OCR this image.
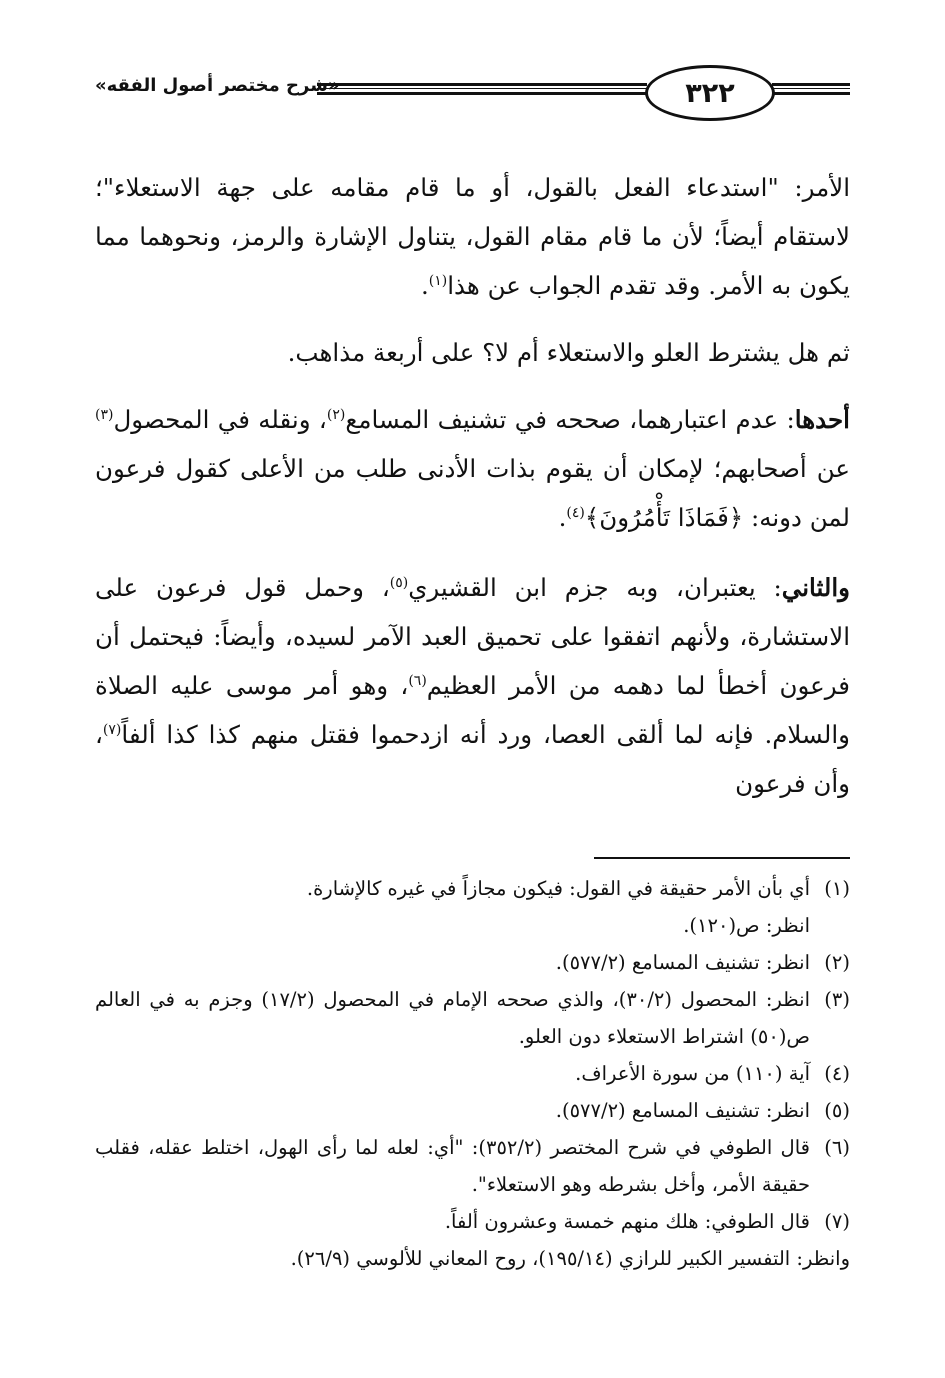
٣٢٢
«شرح مختصر أصول الفقه»

الأمر: "استدعاء الفعل بالقول، أو ما قام مقامه على جهة الاستعلاء"؛ لاستقام أيضاً؛ لأن ما قام مقام القول، يتناول الإشارة والرمز، ونحوهما مما يكون به الأمر. وقد تقدم الجواب عن هذا$^{(١)}$.

ثم هل يشترط العلو والاستعلاء أم لا؟ على أربعة مذاهب.

أحدها: عدم اعتبارهما، صححه في تشنيف المسامع$^{(٢)}$، ونقله في المحصول$^{(٣)}$ عن أصحابهم؛ لإمكان أن يقوم بذات الأدنى طلب من الأعلى كقول فرعون لمن دونه: ﴿فَمَاذَا تَأْمُرُونَ﴾$^{(٤)}$.

والثاني: يعتبران، وبه جزم ابن القشيري$^{(٥)}$، وحمل قول فرعون على الاستشارة، ولأنهم اتفقوا على تحميق العبد الآمر لسيده، وأيضاً: فيحتمل أن فرعون أخطأ لما دهمه من الأمر العظيم$^{(٦)}$، وهو أمر موسى عليه الصلاة والسلام. فإنه لما ألقى العصا، ورد أنه ازدحموا فقتل منهم كذا كذا ألفاً$^{(٧)}$، وأن فرعون

(١)
أي بأن الأمر حقيقة في القول: فيكون مجازاً في غيره كالإشارة.
انظر: ص(١٢٠).
(٢)
انظر: تشنيف المسامع (٥٧٧/٢).
(٣)
انظر: المحصول (٣٠/٢)، والذي صححه الإمام في المحصول (١٧/٢) وجزم به في العالم ص(٥٠) اشتراط الاستعلاء دون العلو.
(٤)
آية (١١٠) من سورة الأعراف.
(٥)
انظر: تشنيف المسامع (٥٧٧/٢).
(٦)
قال الطوفي في شرح المختصر (٣٥٢/٢): "أي: لعله لما رأى الهول، اختلط عقله، فقلب حقيقة الأمر، وأخل بشرطه وهو الاستعلاء".
(٧)
قال الطوفي: هلك منهم خمسة وعشرون ألفاً.
وانظر: التفسير الكبير للرازي (١٩٥/١٤)، روح المعاني للألوسي (٢٦/٩).
